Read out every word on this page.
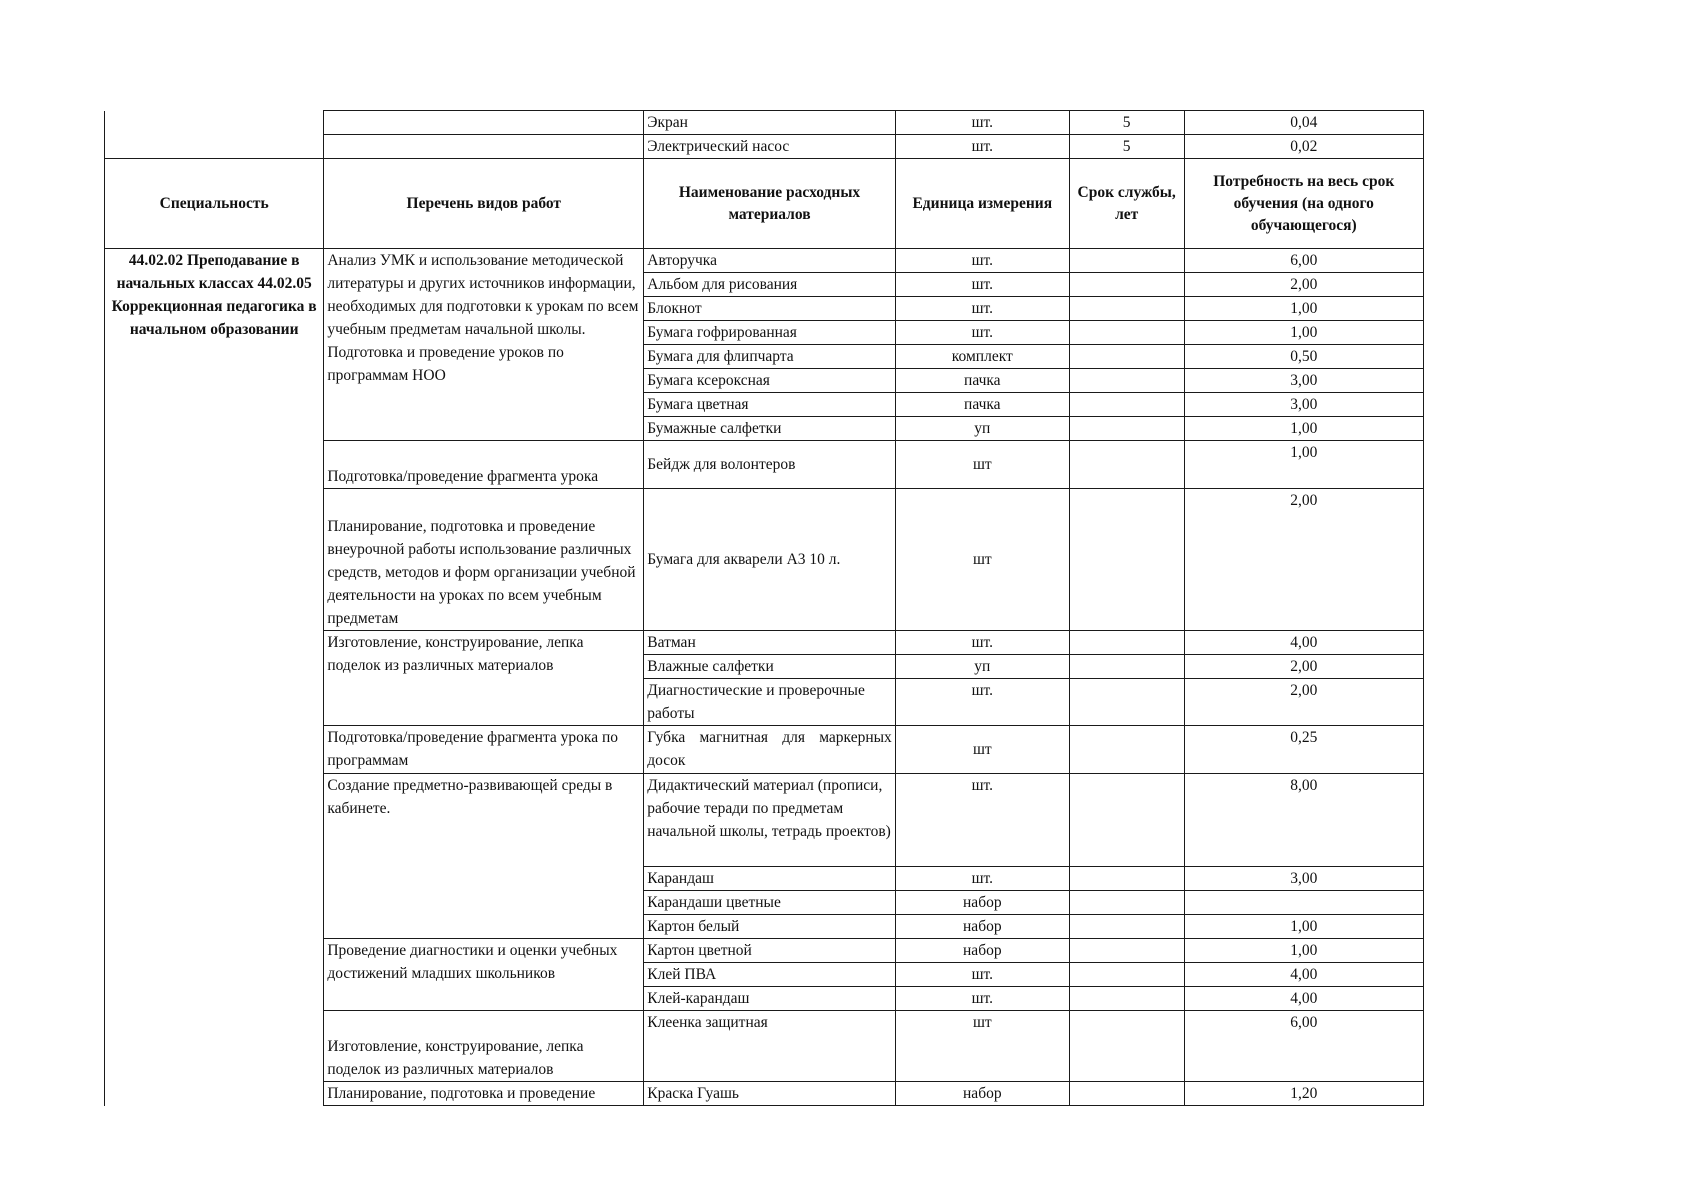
		Экран	шт.	5	0,04
		Электрический насос	шт.	5	0,02
Специальность	Перечень видов работ	Наименование расходных материалов	Единица измерения	Срок службы, лет	Потребность на весь срок обучения (на одного обучающегося)
44.02.02 Преподавание в начальных классах 44.02.05 Коррекционная педагогика в начальном образовании	Анализ УМК и использование методической литературы и других источников информации, необходимых для подготовки к урокам по всем учебным предметам начальной школы. Подготовка и проведение уроков по программам НОО	Авторучка	шт.		6,00
		Альбом для рисования	шт.		2,00
		Блокнот	шт.		1,00
		Бумага гофрированная	шт.		1,00
		Бумага для флипчарта	комплект		0,50
		Бумага ксероксная	пачка		3,00
		Бумага цветная	пачка		3,00
		Бумажные салфетки	уп		1,00
	Подготовка/проведение фрагмента урока	Бейдж для волонтеров	шт		1,00
	Планирование, подготовка и проведение внеурочной работы использование различных средств, методов и форм организации учебной деятельности на уроках по всем учебным предметам	Бумага для акварели А3 10 л.	шт		2,00
	Изготовление, конструирование, лепка поделок из различных материалов	Ватман	шт.		4,00
		Влажные салфетки	уп		2,00
		Диагностические и проверочные работы	шт.		2,00
	Подготовка/проведение фрагмента урока по программам	Губка магнитная для маркерных досок	шт		0,25
	Создание предметно-развивающей среды в кабинете.	Дидактический материал (прописи, рабочие терaди по предметам начальной школы, тетрадь проектов)	шт.		8,00
		Карандаш	шт.		3,00
		Карандаши цветные	набор		
		Картон белый	набор		1,00
	Проведение диагностики и оценки учебных достижений младших школьников	Картон цветной	набор		1,00
		Клей ПВА	шт.		4,00
		Клей-карандаш	шт.		4,00
	Изготовление, конструирование, лепка поделок из различных материалов	Клеенка защитная	шт		6,00
	Планирование, подготовка и проведение	Краска Гуашь	набор		1,20
